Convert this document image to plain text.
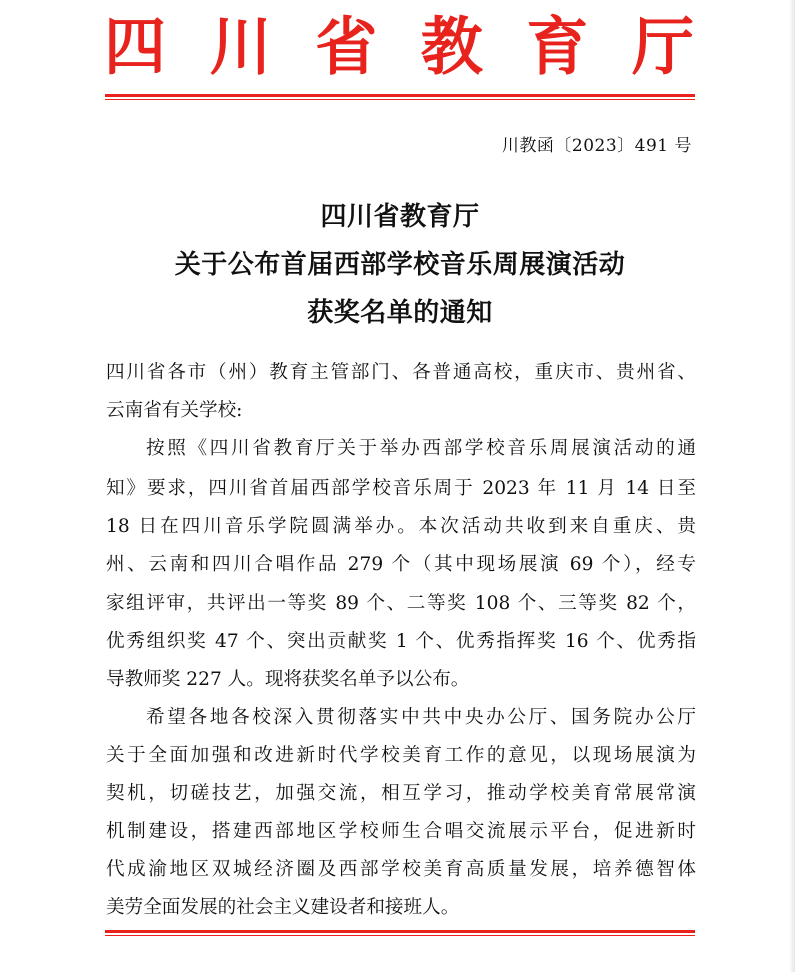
四 川 省 教 育 厅
川教函〔2023〕491 号
四川省教育厅
关于公布首届西部学校音乐周展演活动
获奖名单的通知
四川省各市（州）教育主管部门、各普通高校，重庆市、贵州省、
云南省有关学校:
按照《四川省教育厅关于举办西部学校音乐周展演活动的通
知》要求，四川省首届西部学校音乐周于 2023 年 11 月 14 日至
18 日在四川音乐学院圆满举办。本次活动共收到来自重庆、贵
州、云南和四川合唱作品 279 个（其中现场展演 69 个），经专
家组评审，共评出一等奖 89 个、二等奖 108 个、三等奖 82 个，
优秀组织奖 47 个、突出贡献奖 1 个、优秀指挥奖 16 个、优秀指
导教师奖 227 人。现将获奖名单予以公布。
希望各地各校深入贯彻落实中共中央办公厅、国务院办公厅
关于全面加强和改进新时代学校美育工作的意见，以现场展演为
契机，切磋技艺，加强交流，相互学习，推动学校美育常展常演
机制建设，搭建西部地区学校师生合唱交流展示平台，促进新时
代成渝地区双城经济圈及西部学校美育高质量发展，培养德智体
美劳全面发展的社会主义建设者和接班人。
